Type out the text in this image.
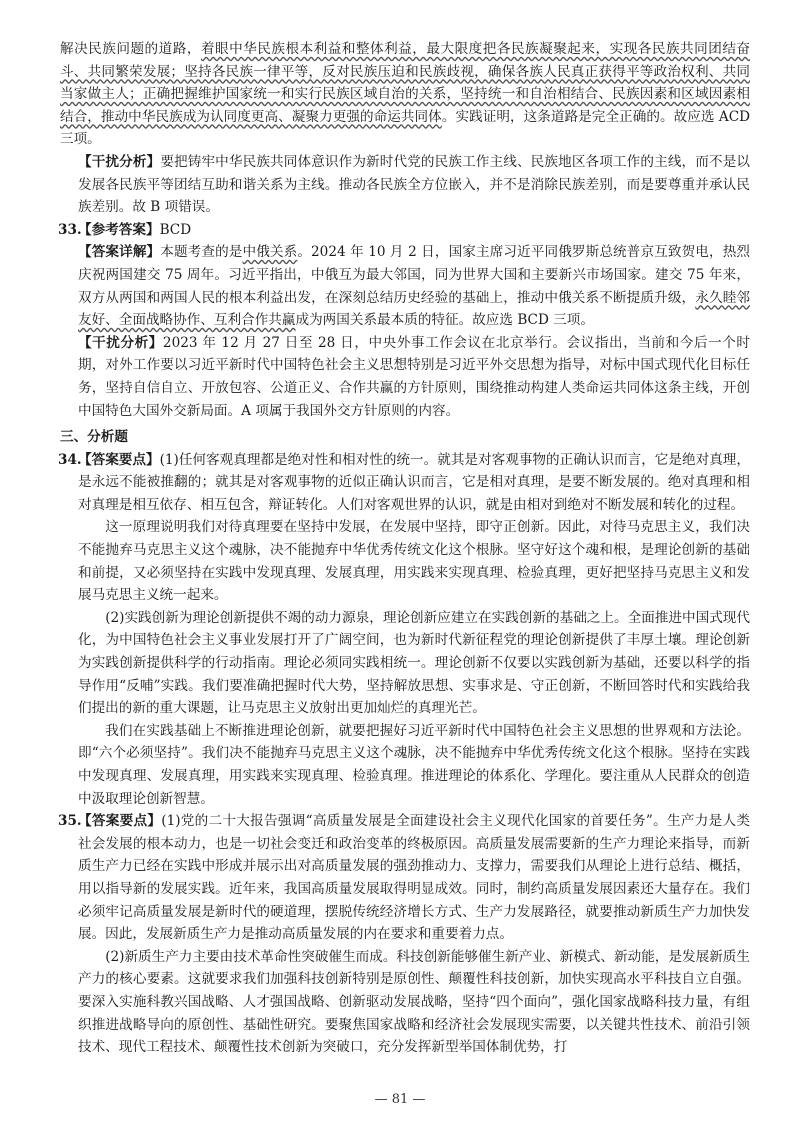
解决民族问题的道路，着眼中华民族根本利益和整体利益，最大限度把各民族凝聚起来，实现各民族共同团结奋斗、共同繁荣发展；坚持各民族一律平等，反对民族压迫和民族歧视，确保各族人民真正获得平等政治权利、共同当家做主人；正确把握维护国家统一和实行民族区域自治的关系，坚持统一和自治相结合、民族因素和区域因素相结合，推动中华民族成为认同度更高、凝聚力更强的命运共同体。实践证明，这条道路是完全正确的。故应选 ACD 三项。

【干扰分析】要把铸牢中华民族共同体意识作为新时代党的民族工作主线、民族地区各项工作的主线，而不是以发展各民族平等团结互助和谐关系为主线。推动各民族全方位嵌入，并不是消除民族差别，而是要尊重并承认民族差别。故 B 项错误。

33.

【参考答案】BCD

【答案详解】本题考查的是中俄关系。2024 年 10 月 2 日，国家主席习近平同俄罗斯总统普京互致贺电，热烈庆祝两国建交 75 周年。习近平指出，中俄互为最大邻国，同为世界大国和主要新兴市场国家。建交 75 年来，双方从两国和两国人民的根本利益出发，在深刻总结历史经验的基础上，推动中俄关系不断提质升级，永久睦邻友好、全面战略协作、互利合作共赢成为两国关系最本质的特征。故应选 BCD 三项。

【干扰分析】2023 年 12 月 27 日至 28 日，中央外事工作会议在北京举行。会议指出，当前和今后一个时期，对外工作要以习近平新时代中国特色社会主义思想特别是习近平外交思想为指导，对标中国式现代化目标任务，坚持自信自立、开放包容、公道正义、合作共赢的方针原则，围绕推动构建人类命运共同体这条主线，开创中国特色大国外交新局面。A 项属于我国外交方针原则的内容。

三、分析题
34.

【答案要点】(1)任何客观真理都是绝对性和相对性的统一。就其是对客观事物的正确认识而言，它是绝对真理，是永远不能被推翻的；就其是对客观事物的近似正确认识而言，它是相对真理，是要不断发展的。绝对真理和相对真理是相互依存、相互包含，辩证转化。人们对客观世界的认识，就是由相对到绝对不断发展和转化的过程。

这一原理说明我们对待真理要在坚持中发展，在发展中坚持，即守正创新。因此，对待马克思主义，我们决不能抛弃马克思主义这个魂脉，决不能抛弃中华优秀传统文化这个根脉。坚守好这个魂和根，是理论创新的基础和前提，又必须坚持在实践中发现真理、发展真理，用实践来实现真理、检验真理，更好把坚持马克思主义和发展马克思主义统一起来。

(2)实践创新为理论创新提供不竭的动力源泉，理论创新应建立在实践创新的基础之上。全面推进中国式现代化，为中国特色社会主义事业发展打开了广阔空间，也为新时代新征程党的理论创新提供了丰厚土壤。理论创新为实践创新提供科学的行动指南。理论必须同实践相统一。理论创新不仅要以实践创新为基础，还要以科学的指导作用“反哺”实践。我们要准确把握时代大势，坚持解放思想、实事求是、守正创新，不断回答时代和实践给我们提出的新的重大课题，让马克思主义放射出更加灿烂的真理光芒。

我们在实践基础上不断推进理论创新，就要把握好习近平新时代中国特色社会主义思想的世界观和方法论。即“六个必须坚持”。我们决不能抛弃马克思主义这个魂脉，决不能抛弃中华优秀传统文化这个根脉。坚持在实践中发现真理、发展真理，用实践来实现真理、检验真理。推进理论的体系化、学理化。要注重从人民群众的创造中汲取理论创新智慧。

35.

【答案要点】(1)党的二十大报告强调“高质量发展是全面建设社会主义现代化国家的首要任务”。生产力是人类社会发展的根本动力，也是一切社会变迁和政治变革的终极原因。高质量发展需要新的生产力理论来指导，而新质生产力已经在实践中形成并展示出对高质量发展的强劲推动力、支撑力，需要我们从理论上进行总结、概括，用以指导新的发展实践。近年来，我国高质量发展取得明显成效。同时，制约高质量发展因素还大量存在。我们必须牢记高质量发展是新时代的硬道理，摆脱传统经济增长方式、生产力发展路径，就要推动新质生产力加快发展。因此，发展新质生产力是推动高质量发展的内在要求和重要着力点。

(2)新质生产力主要由技术革命性突破催生而成。科技创新能够催生新产业、新模式、新动能，是发展新质生产力的核心要素。这就要求我们加强科技创新特别是原创性、颠覆性科技创新，加快实现高水平科技自立自强。要深入实施科教兴国战略、人才强国战略、创新驱动发展战略，坚持“四个面向”，强化国家战略科技力量，有组织推进战略导向的原创性、基础性研究。要聚焦国家战略和经济社会发展现实需要，以关键共性技术、前沿引领技术、现代工程技术、颠覆性技术创新为突破口，充分发挥新型举国体制优势，打

— 81 —
